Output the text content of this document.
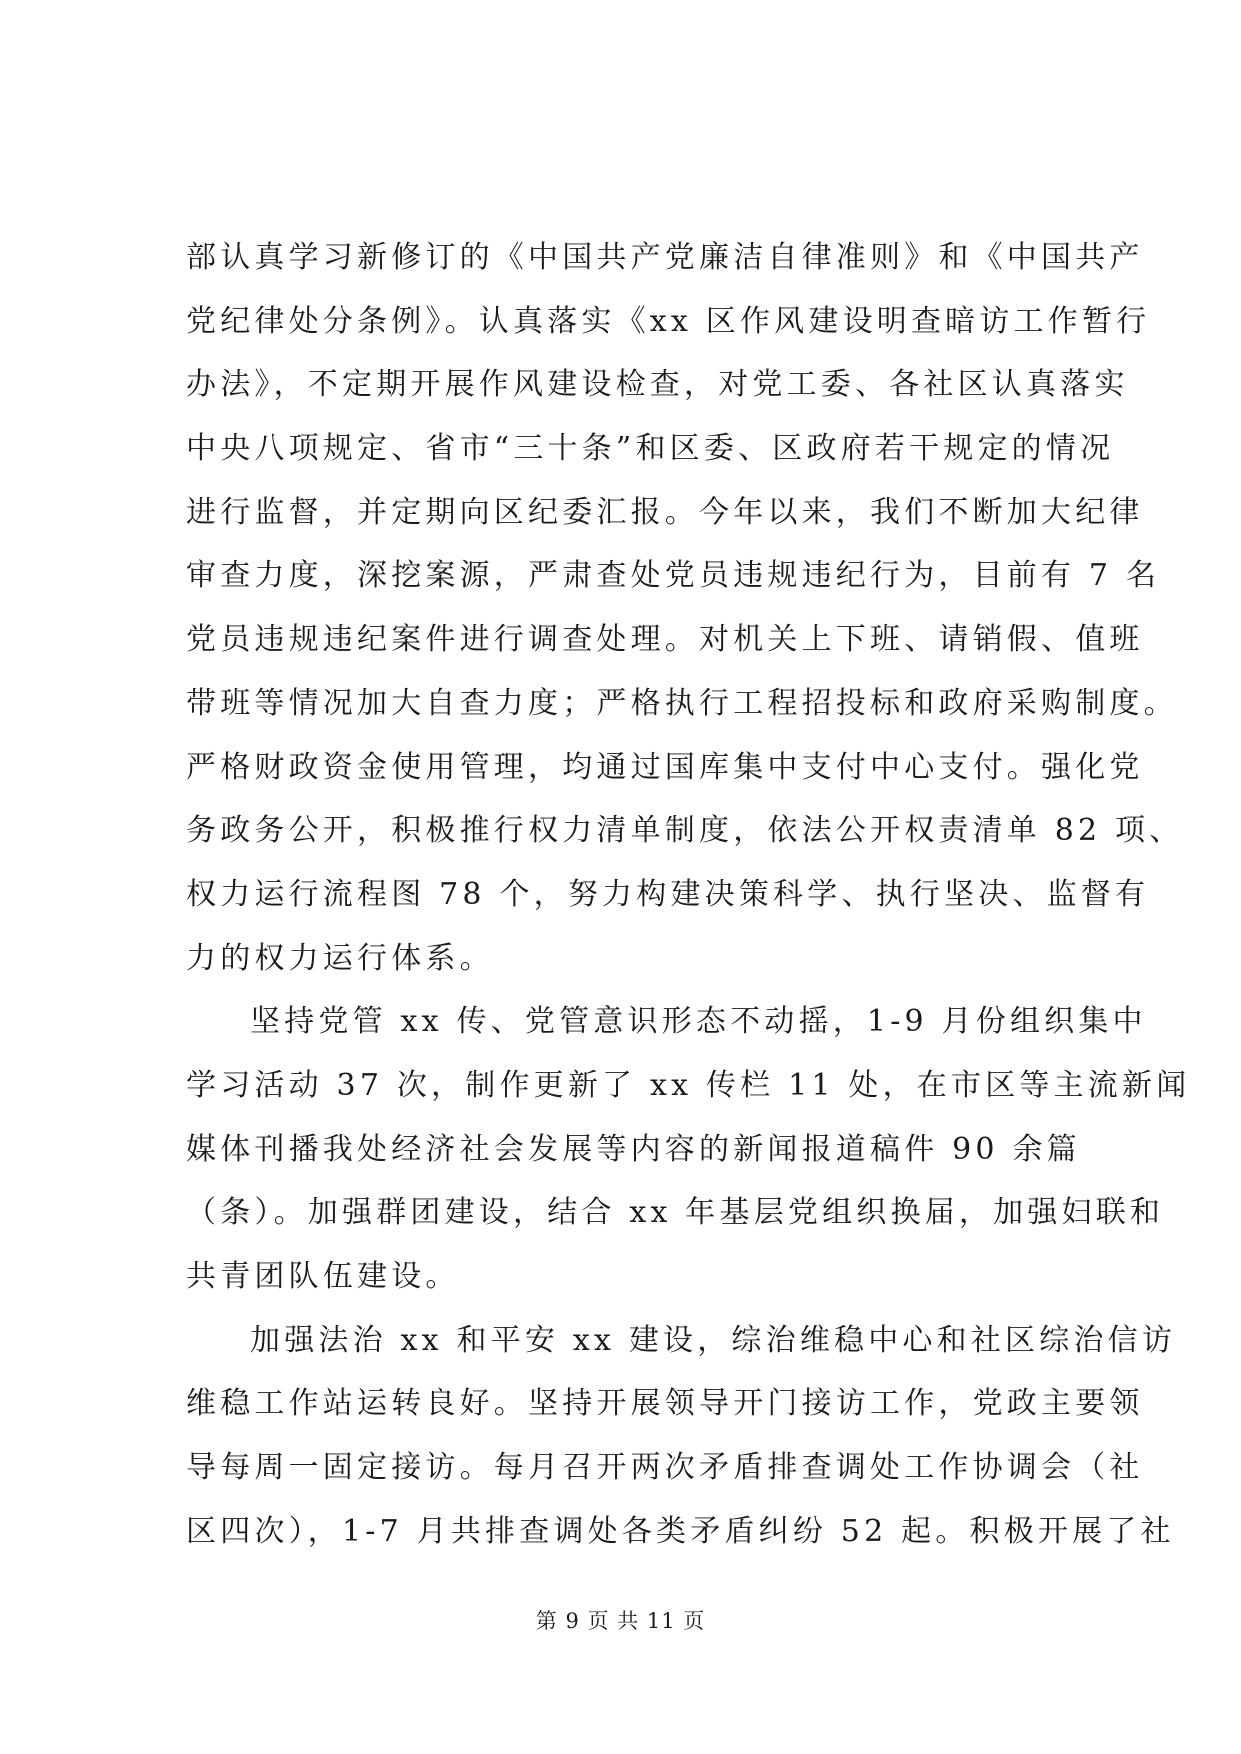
部认真学习新修订的《中国共产党廉洁自律准则》和《中国共产
党纪律处分条例》。认真落实《xx 区作风建设明查暗访工作暂行
办法》，不定期开展作风建设检查，对党工委、各社区认真落实
中央八项规定、省市“三十条”和区委、区政府若干规定的情况
进行监督，并定期向区纪委汇报。今年以来，我们不断加大纪律
审查力度，深挖案源，严肃查处党员违规违纪行为，目前有 7 名
党员违规违纪案件进行调查处理。对机关上下班、请销假、值班
带班等情况加大自查力度；严格执行工程招投标和政府采购制度。
严格财政资金使用管理，均通过国库集中支付中心支付。强化党
务政务公开，积极推行权力清单制度，依法公开权责清单 82 项、
权力运行流程图 78 个，努力构建决策科学、执行坚决、监督有
力的权力运行体系。
坚持党管 xx 传、党管意识形态不动摇，1-9 月份组织集中
学习活动 37 次，制作更新了 xx 传栏 11 处，在市区等主流新闻
媒体刊播我处经济社会发展等内容的新闻报道稿件 90 余篇
（条）。加强群团建设，结合 xx 年基层党组织换届，加强妇联和
共青团队伍建设。
加强法治 xx 和平安 xx 建设，综治维稳中心和社区综治信访
维稳工作站运转良好。坚持开展领导开门接访工作，党政主要领
导每周一固定接访。每月召开两次矛盾排查调处工作协调会（社
区四次），1-7 月共排查调处各类矛盾纠纷 52 起。积极开展了社
第 9 页 共 11 页
